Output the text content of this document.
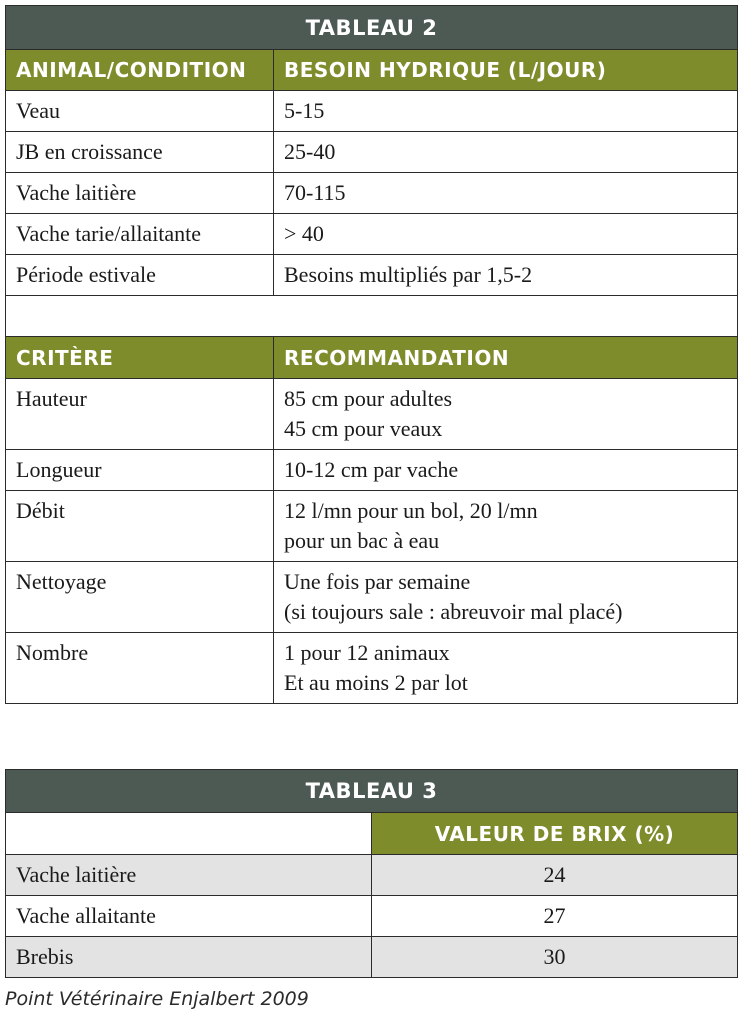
TABLEAU 2	
ANIMAL/CONDITION	BESOIN HYDRIQUE (L/JOUR)
Veau	5-15
JB en croissance	25-40
Vache laitière	70-115
Vache tarie/allaitante	> 40
Période estivale	Besoins multipliés par 1,5-2

CRITÈRE	RECOMMANDATION
Hauteur	85 cm pour adultes
45 cm pour veaux

Longueur	10-12 cm par vache

Débit	12 l/mn pour un bol, 20 l/mn
pour un bac à eau

Nettoyage	Une fois par semaine
(si toujours sale : abreuvoir mal placé)

Nombre	1 pour 12 animaux
Et au moins 2 par lot
TABLEAU 3	
	VALEUR DE BRIX (%)
Vache laitière	24
Vache allaitante	27
Brebis	30
Point Vétérinaire Enjalbert 2009
